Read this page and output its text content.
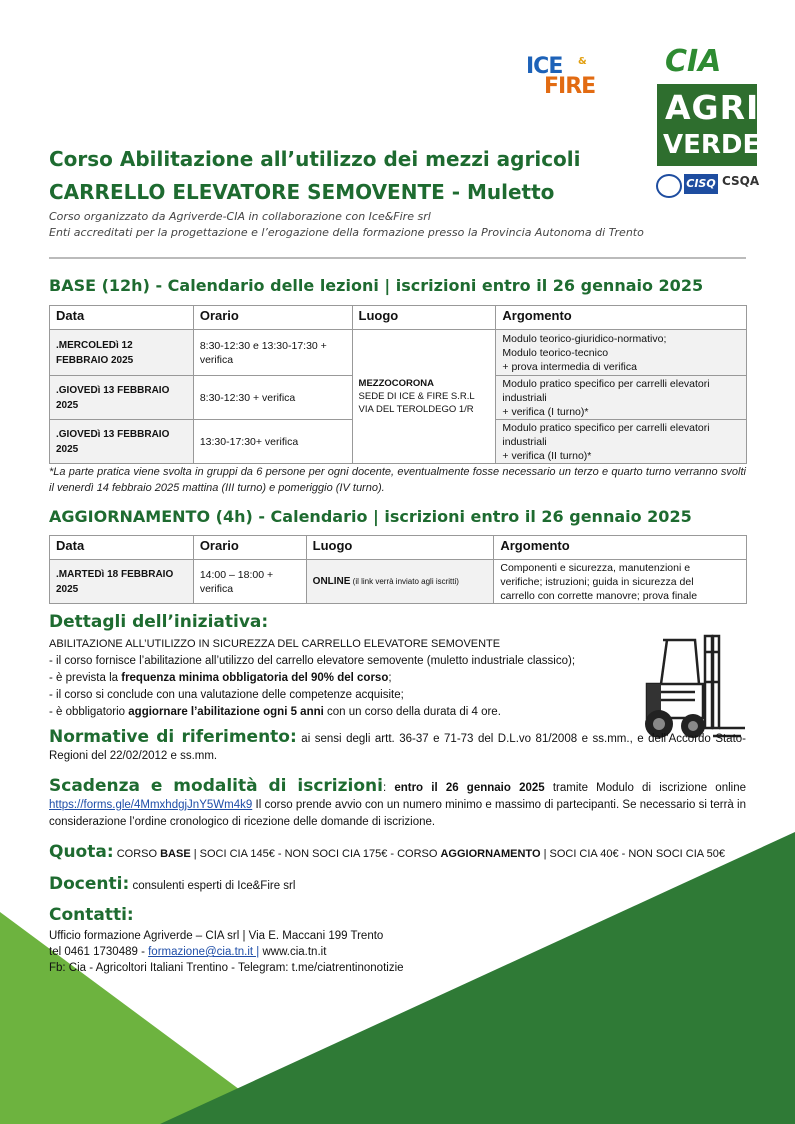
ICE &
FIRE
CIA
AGRI
VERDE
CISQ CSQA
Corso Abilitazione all’utilizzo dei mezzi agricoli
CARRELLO ELEVATORE SEMOVENTE - Muletto
Corso organizzato da Agriverde-CIA in collaborazione con Ice&Fire srl
Enti accreditati per la progettazione e l’erogazione della formazione presso la Provincia Autonoma di Trento
BASE (12h) - Calendario delle lezioni | iscrizioni entro il 26 gennaio 2025
Data	Orario	Luogo	Argomento
.MERCOLEDì 12
FEBBRAIO 2025	8:30-12:30 e 13:30-17:30 +
verifica	MEZZOCORONA
SEDE DI ICE & FIRE S.R.L
VIA DEL TEROLDEGO 1/R	Modulo teorico-giuridico-normativo;
Modulo teorico-tecnico
+ prova intermedia di verifica
.GIOVEDì 13 FEBBRAIO
2025	8:30-12:30 + verifica		Modulo pratico specifico per carrelli elevatori
industriali
+ verifica (I turno)*
.GIOVEDì 13 FEBBRAIO
2025	13:30-17:30+ verifica		Modulo pratico specifico per carrelli elevatori
industriali
+ verifica (II turno)*
*La parte pratica viene svolta in gruppi da 6 persone per ogni docente, eventualmente fosse necessario un terzo e quarto turno verranno svolti il venerdì 14 febbraio 2025 mattina (III turno) e pomeriggio (IV turno).
AGGIORNAMENTO (4h) - Calendario | iscrizioni entro il 26 gennaio 2025
Data	Orario	Luogo	Argomento
.MARTEDì 18 FEBBRAIO
2025	14:00 – 18:00 +
verifica	ONLINE (il link verrà inviato agli iscritti)	Componenti e sicurezza, manutenzioni e
verifiche; istruzioni; guida in sicurezza del
carrello con corrette manovre; prova finale
Dettagli dell’iniziativa:
ABILITAZIONE ALL’UTILIZZO IN SICUREZZA DEL CARRELLO ELEVATORE SEMOVENTE
- il corso fornisce l’abilitazione all’utilizzo del carrello elevatore semovente (muletto industriale classico);
- è prevista la frequenza minima obbligatoria del 90% del corso;
- il corso si conclude con una valutazione delle competenze acquisite;
- è obbligatorio aggiornare l’abilitazione ogni 5 anni con un corso della durata di 4 ore.
Normative di riferimento: ai sensi degli artt. 36-37 e 71-73 del D.L.vo 81/2008 e ss.mm., e dell’Accordo Stato-Regioni del 22/02/2012 e ss.mm.
Scadenza e modalità di iscrizioni: entro il 26 gennaio 2025 tramite Modulo di iscrizione online https://forms.gle/4MmxhdgjJnY5Wm4k9 Il corso prende avvio con un numero minimo e massimo di partecipanti. Se necessario si terrà in considerazione l’ordine cronologico di ricezione delle domande di iscrizione.
Quota: CORSO BASE | SOCI CIA 145€ - NON SOCI CIA 175€ - CORSO AGGIORNAMENTO | SOCI CIA 40€ - NON SOCI CIA 50€
Docenti: consulenti esperti di Ice&Fire srl
Contatti:
Ufficio formazione Agriverde – CIA srl | Via E. Maccani 199 Trento
tel 0461 1730489 - formazione@cia.tn.it | www.cia.tn.it
Fb: Cia - Agricoltori Italiani Trentino - Telegram: t.me/ciatrentinonotizie
